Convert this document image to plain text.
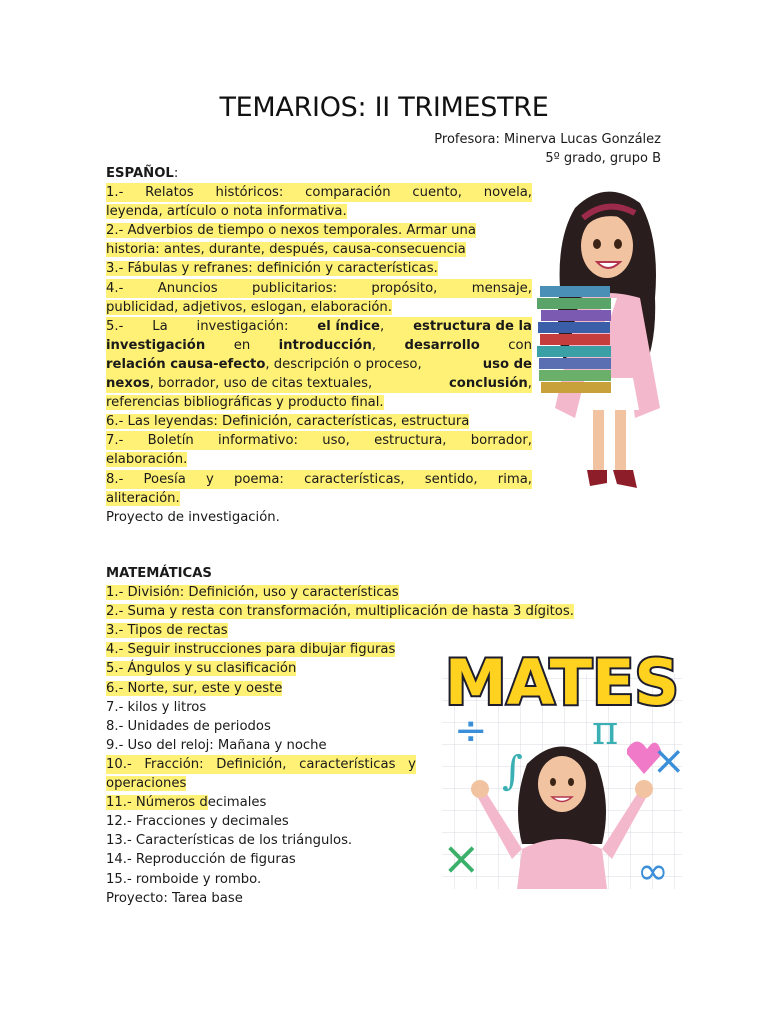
TEMARIOS: II TRIMESTRE
Profesora: Minerva Lucas González
5º grado, grupo B
ESPAÑOL:
1.- Relatos históricos: comparación cuento, novela,
leyenda, artículo o nota informativa.
2.- Adverbios de tiempo o nexos temporales. Armar una
historia: antes, durante, después, causa-consecuencia
3.- Fábulas y refranes: definición y características.
4.-	Anuncios	publicitarios:	propósito,	mensaje,
publicidad, adjetivos, eslogan, elaboración.
5.- La investigación: el índice, estructura de la
investigación en introducción, desarrollo con
relación causa-efecto, descripción o proceso,	uso de
nexos, borrador, uso de citas textuales,	conclusión,
referencias bibliográficas y producto final.
6.- Las leyendas: Definición, características, estructura
7.- Boletín informativo: uso, estructura, borrador,
elaboración.
8.- Poesía y poema: características, sentido, rima,
aliteración.
Proyecto de investigación.
MATEMÁTICAS
1.- División: Definición, uso y características
2.- Suma y resta con transformación, multiplicación de hasta 3 dígitos.
3.- Tipos de rectas
4.- Seguir instrucciones para dibujar figuras
5.- Ángulos y su clasificación
6.- Norte, sur, este y oeste
7.- kilos y litros
8.- Unidades de periodos
9.- Uso del reloj: Mañana y noche
10.- Fracción: Definición, características y
operaciones
11.- Números decimales
12.- Fracciones y decimales
13.- Características de los triángulos.
14.- Reproducción de figuras
15.- romboide y rombo.
Proyecto: Tarea base
÷
∫
π
×
×	∞
MATES
